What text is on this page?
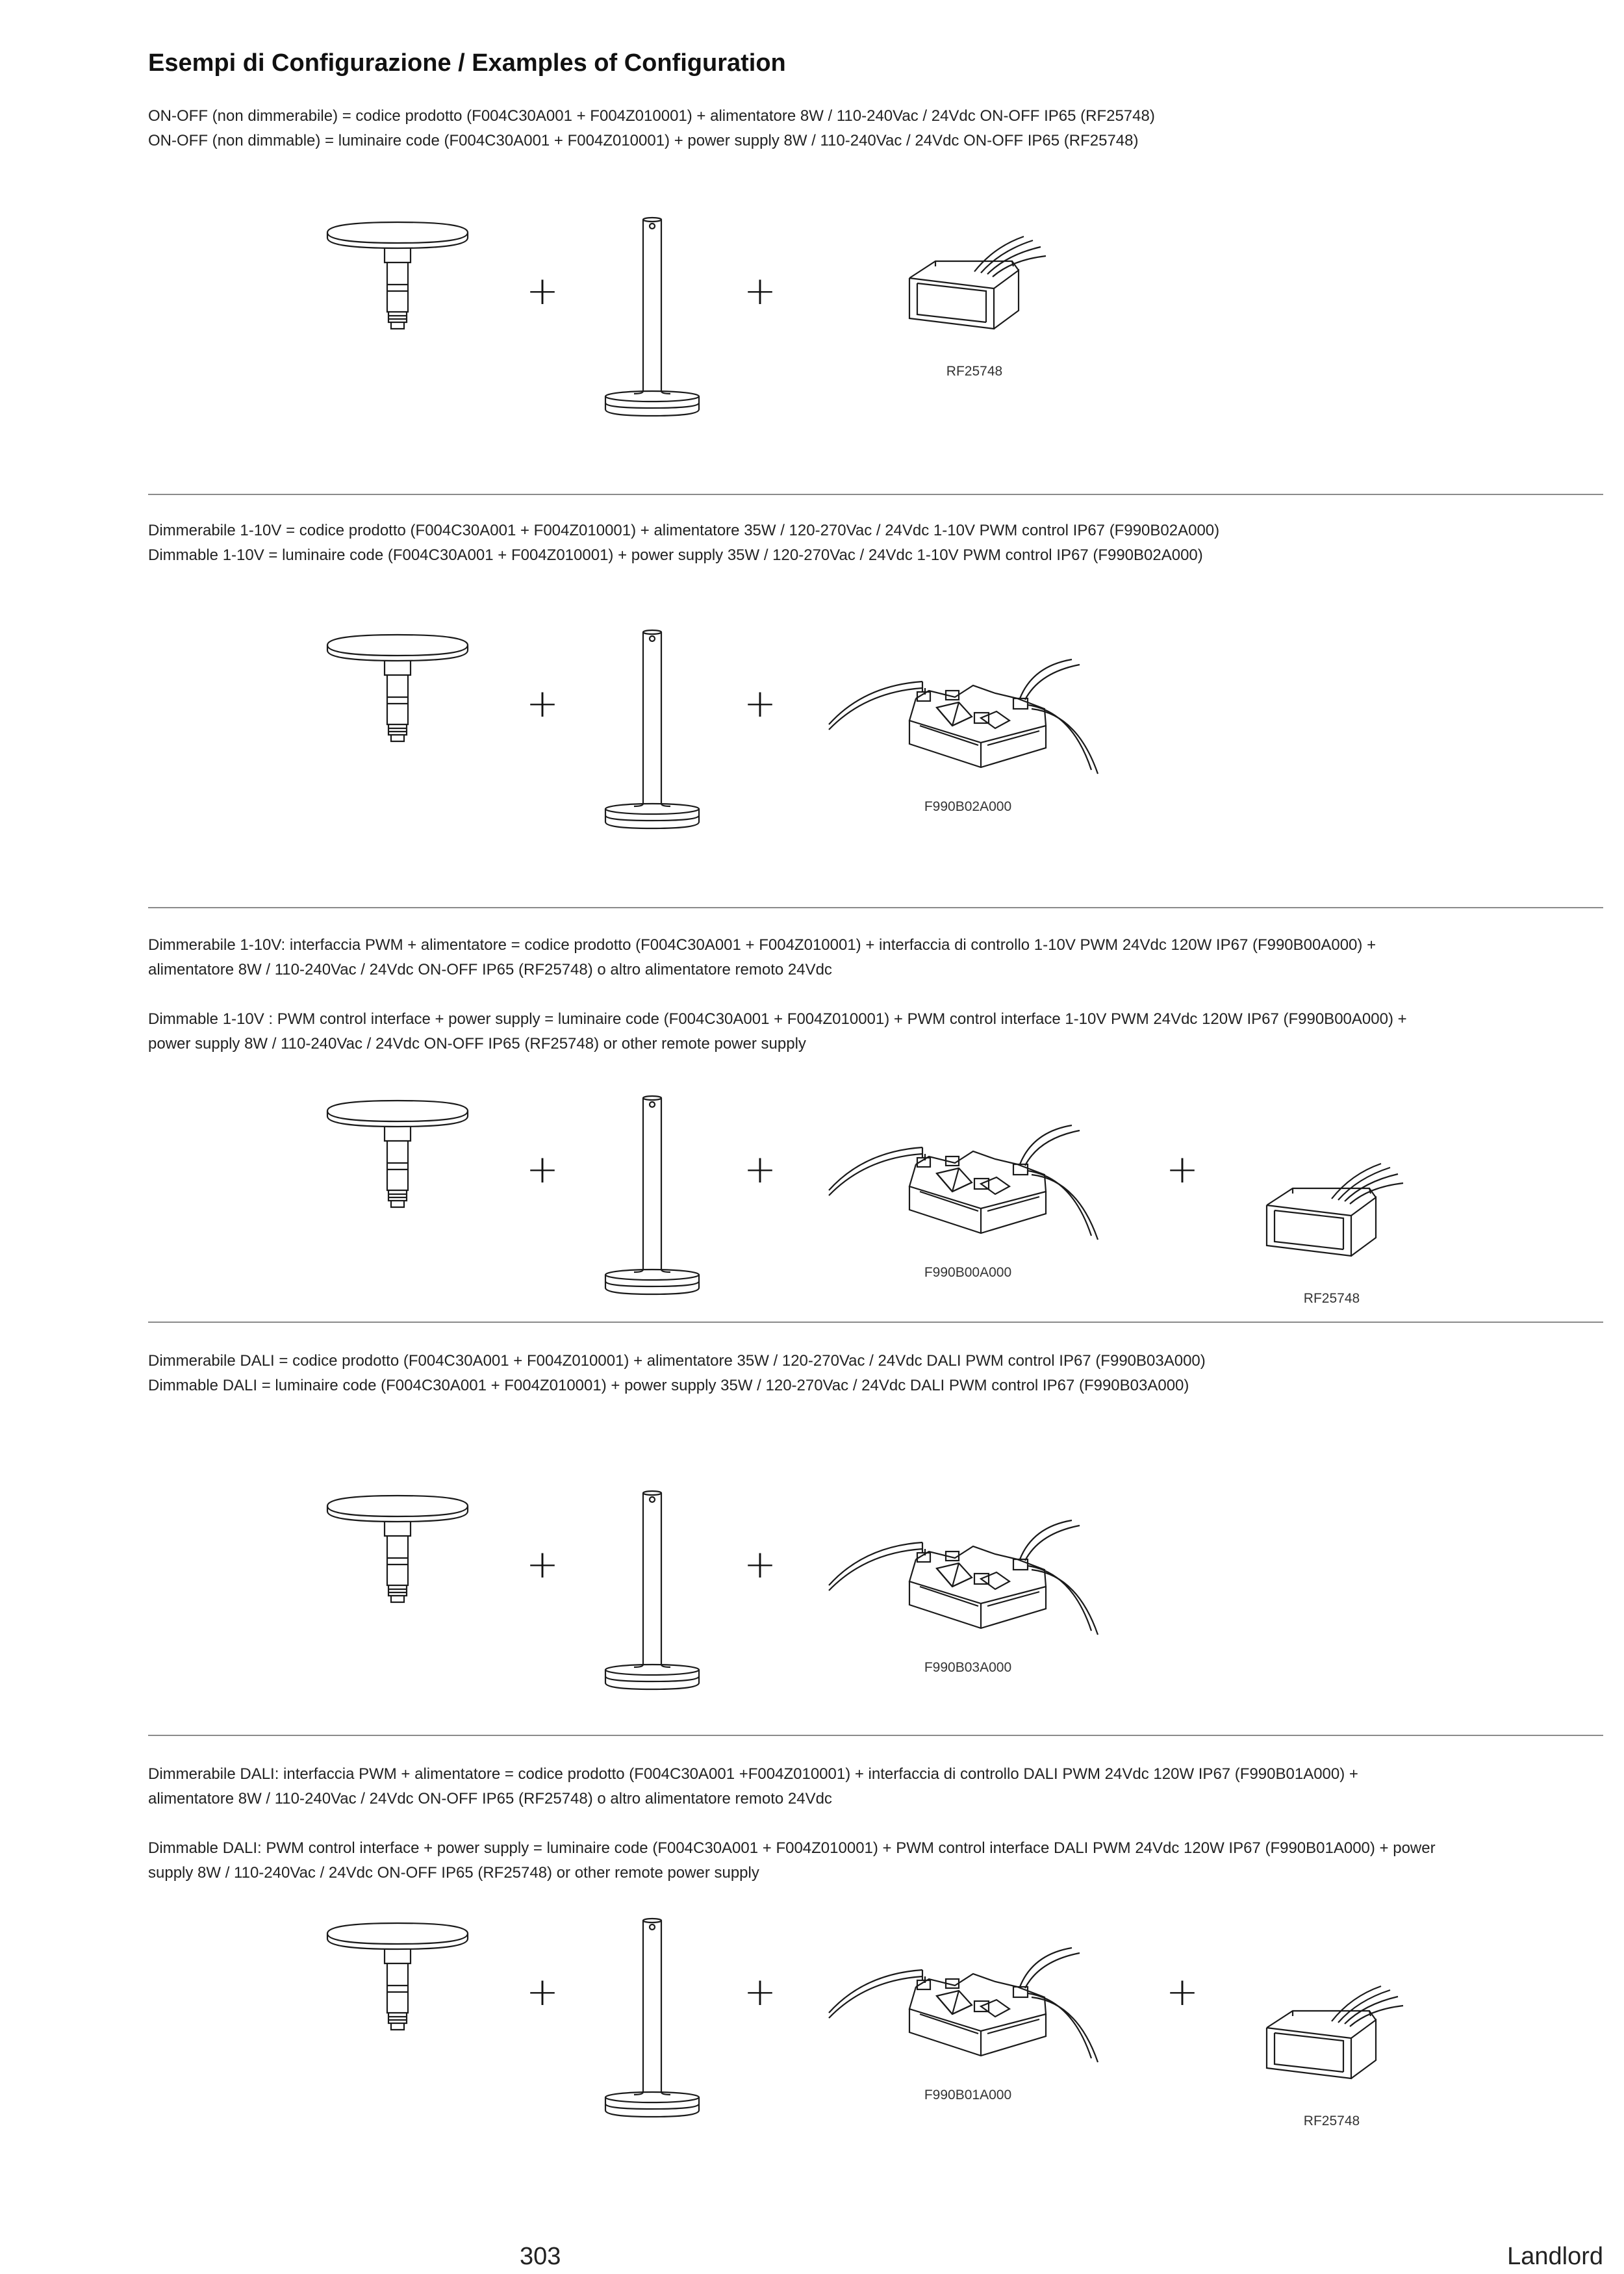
Esempi di Configurazione / Examples of Configuration

ON-OFF (non dimmerabile) = codice prodotto (F004C30A001 + F004Z010001) + alimentatore 8W / 110-240Vac / 24Vdc ON-OFF IP65 (RF25748)
ON-OFF (non dimmable) = luminaire code (F004C30A001 + F004Z010001) + power supply 8W / 110-240Vac / 24Vdc ON-OFF IP65 (RF25748)

+	+
RF25748

Dimmerabile 1-10V = codice prodotto (F004C30A001 + F004Z010001) + alimentatore 35W / 120-270Vac / 24Vdc 1-10V PWM control IP67 (F990B02A000)
Dimmable 1-10V = luminaire code (F004C30A001 + F004Z010001) + power supply 35W / 120-270Vac / 24Vdc 1-10V PWM control IP67 (F990B02A000)

+	+
F990B02A000

Dimmerabile 1-10V: interfaccia PWM + alimentatore = codice prodotto (F004C30A001 + F004Z010001) + interfaccia di controllo 1-10V PWM 24Vdc 120W IP67 (F990B00A000) +
alimentatore 8W / 110-240Vac / 24Vdc ON-OFF IP65 (RF25748) o altro alimentatore remoto 24Vdc

Dimmable 1-10V : PWM control interface + power supply = luminaire code (F004C30A001 + F004Z010001) + PWM control interface 1-10V PWM 24Vdc 120W IP67 (F990B00A000) +
power supply 8W / 110-240Vac / 24Vdc ON-OFF IP65 (RF25748) or other remote power supply

+	+
F990B00A000
+
RF25748

Dimmerabile DALI = codice prodotto (F004C30A001 + F004Z010001) + alimentatore 35W / 120-270Vac / 24Vdc DALI PWM control IP67 (F990B03A000)
Dimmable DALI = luminaire code (F004C30A001 + F004Z010001) + power supply 35W / 120-270Vac / 24Vdc DALI PWM control IP67 (F990B03A000)

+	+
F990B03A000

Dimmerabile DALI: interfaccia PWM + alimentatore = codice prodotto (F004C30A001 +F004Z010001) + interfaccia di controllo DALI PWM 24Vdc 120W IP67 (F990B01A000) +
alimentatore 8W / 110-240Vac / 24Vdc ON-OFF IP65 (RF25748) o altro alimentatore remoto 24Vdc

Dimmable DALI: PWM control interface + power supply = luminaire code (F004C30A001 + F004Z010001) + PWM control interface DALI PWM 24Vdc 120W IP67 (F990B01A000) + power
supply 8W / 110-240Vac / 24Vdc ON-OFF IP65 (RF25748) or other remote power supply

+	+
F990B01A000
+
RF25748
303	Landlord
